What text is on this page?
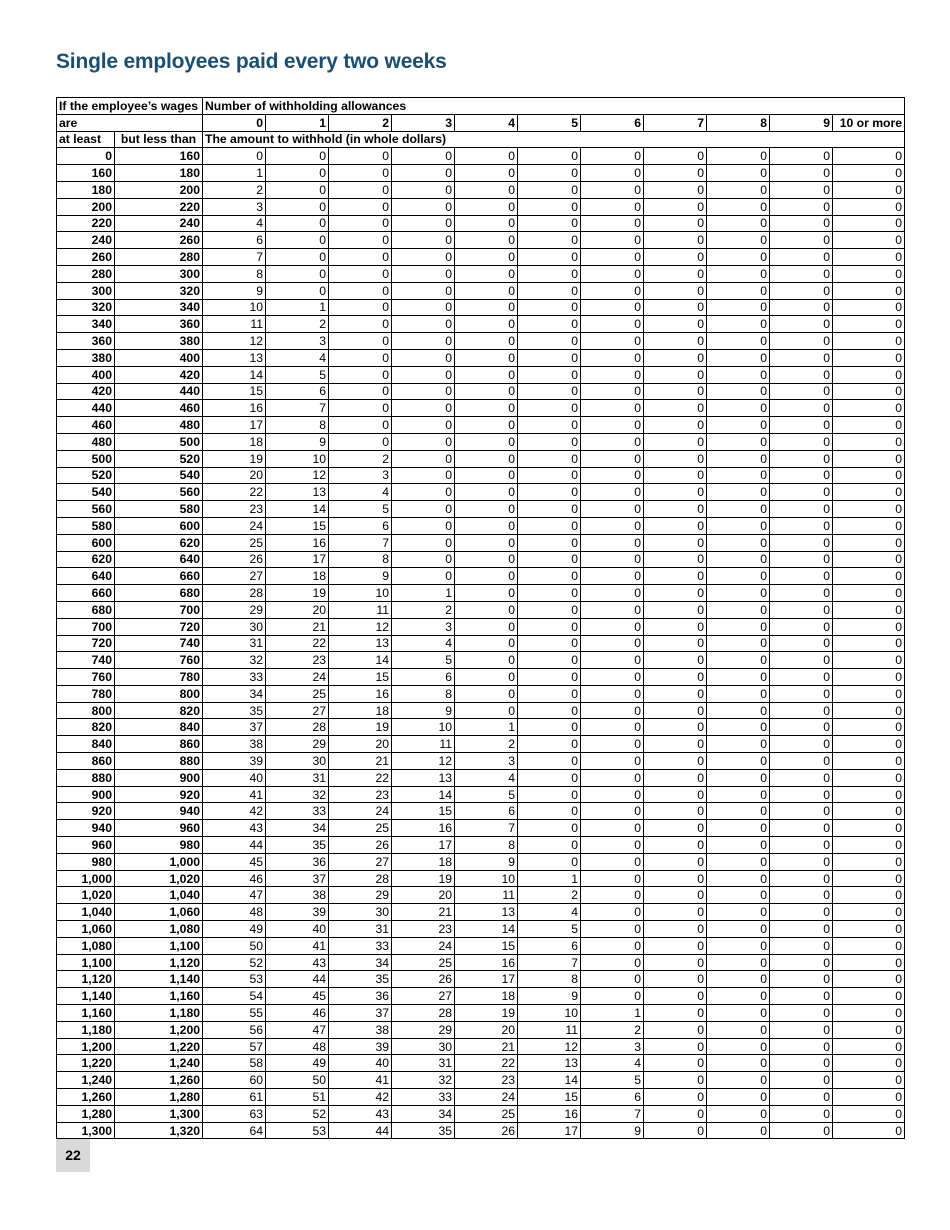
Single employees paid every two weeks
If the employee’s wages		Number of withholding allowances										
are		0	1	2	3	4	5	6	7	8	9	10 or more
at least	but less than	The amount to withhold (in whole dollars)										
0	160	0	0	0	0	0	0	0	0	0	0	0
160	180	1	0	0	0	0	0	0	0	0	0	0
180	200	2	0	0	0	0	0	0	0	0	0	0
200	220	3	0	0	0	0	0	0	0	0	0	0
220	240	4	0	0	0	0	0	0	0	0	0	0
240	260	6	0	0	0	0	0	0	0	0	0	0
260	280	7	0	0	0	0	0	0	0	0	0	0
280	300	8	0	0	0	0	0	0	0	0	0	0
300	320	9	0	0	0	0	0	0	0	0	0	0
320	340	10	1	0	0	0	0	0	0	0	0	0
340	360	11	2	0	0	0	0	0	0	0	0	0
360	380	12	3	0	0	0	0	0	0	0	0	0
380	400	13	4	0	0	0	0	0	0	0	0	0
400	420	14	5	0	0	0	0	0	0	0	0	0
420	440	15	6	0	0	0	0	0	0	0	0	0
440	460	16	7	0	0	0	0	0	0	0	0	0
460	480	17	8	0	0	0	0	0	0	0	0	0
480	500	18	9	0	0	0	0	0	0	0	0	0
500	520	19	10	2	0	0	0	0	0	0	0	0
520	540	20	12	3	0	0	0	0	0	0	0	0
540	560	22	13	4	0	0	0	0	0	0	0	0
560	580	23	14	5	0	0	0	0	0	0	0	0
580	600	24	15	6	0	0	0	0	0	0	0	0
600	620	25	16	7	0	0	0	0	0	0	0	0
620	640	26	17	8	0	0	0	0	0	0	0	0
640	660	27	18	9	0	0	0	0	0	0	0	0
660	680	28	19	10	1	0	0	0	0	0	0	0
680	700	29	20	11	2	0	0	0	0	0	0	0
700	720	30	21	12	3	0	0	0	0	0	0	0
720	740	31	22	13	4	0	0	0	0	0	0	0
740	760	32	23	14	5	0	0	0	0	0	0	0
760	780	33	24	15	6	0	0	0	0	0	0	0
780	800	34	25	16	8	0	0	0	0	0	0	0
800	820	35	27	18	9	0	0	0	0	0	0	0
820	840	37	28	19	10	1	0	0	0	0	0	0
840	860	38	29	20	11	2	0	0	0	0	0	0
860	880	39	30	21	12	3	0	0	0	0	0	0
880	900	40	31	22	13	4	0	0	0	0	0	0
900	920	41	32	23	14	5	0	0	0	0	0	0
920	940	42	33	24	15	6	0	0	0	0	0	0
940	960	43	34	25	16	7	0	0	0	0	0	0
960	980	44	35	26	17	8	0	0	0	0	0	0
980	1,000	45	36	27	18	9	0	0	0	0	0	0
1,000	1,020	46	37	28	19	10	1	0	0	0	0	0
1,020	1,040	47	38	29	20	11	2	0	0	0	0	0
1,040	1,060	48	39	30	21	13	4	0	0	0	0	0
1,060	1,080	49	40	31	23	14	5	0	0	0	0	0
1,080	1,100	50	41	33	24	15	6	0	0	0	0	0
1,100	1,120	52	43	34	25	16	7	0	0	0	0	0
1,120	1,140	53	44	35	26	17	8	0	0	0	0	0
1,140	1,160	54	45	36	27	18	9	0	0	0	0	0
1,160	1,180	55	46	37	28	19	10	1	0	0	0	0
1,180	1,200	56	47	38	29	20	11	2	0	0	0	0
1,200	1,220	57	48	39	30	21	12	3	0	0	0	0
1,220	1,240	58	49	40	31	22	13	4	0	0	0	0
1,240	1,260	60	50	41	32	23	14	5	0	0	0	0
1,260	1,280	61	51	42	33	24	15	6	0	0	0	0
1,280	1,300	63	52	43	34	25	16	7	0	0	0	0
1,300	1,320	64	53	44	35	26	17	9	0	0	0	0
22
